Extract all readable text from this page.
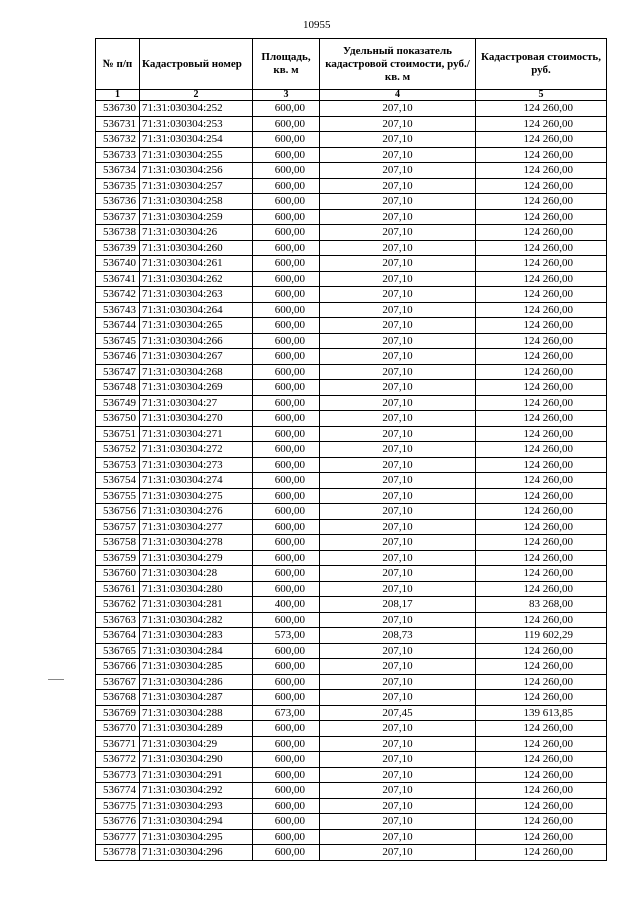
10955
№ п/п	Кадастровый номер	Площадь, кв. м	Удельный показатель кадастровой стоимости, руб./кв. м	Кадастровая стоимость, руб.
1	2	3	4	5
536730	71:31:030304:252	600,00	207,10	124 260,00
536731	71:31:030304:253	600,00	207,10	124 260,00
536732	71:31:030304:254	600,00	207,10	124 260,00
536733	71:31:030304:255	600,00	207,10	124 260,00
536734	71:31:030304:256	600,00	207,10	124 260,00
536735	71:31:030304:257	600,00	207,10	124 260,00
536736	71:31:030304:258	600,00	207,10	124 260,00
536737	71:31:030304:259	600,00	207,10	124 260,00
536738	71:31:030304:26	600,00	207,10	124 260,00
536739	71:31:030304:260	600,00	207,10	124 260,00
536740	71:31:030304:261	600,00	207,10	124 260,00
536741	71:31:030304:262	600,00	207,10	124 260,00
536742	71:31:030304:263	600,00	207,10	124 260,00
536743	71:31:030304:264	600,00	207,10	124 260,00
536744	71:31:030304:265	600,00	207,10	124 260,00
536745	71:31:030304:266	600,00	207,10	124 260,00
536746	71:31:030304:267	600,00	207,10	124 260,00
536747	71:31:030304:268	600,00	207,10	124 260,00
536748	71:31:030304:269	600,00	207,10	124 260,00
536749	71:31:030304:27	600,00	207,10	124 260,00
536750	71:31:030304:270	600,00	207,10	124 260,00
536751	71:31:030304:271	600,00	207,10	124 260,00
536752	71:31:030304:272	600,00	207,10	124 260,00
536753	71:31:030304:273	600,00	207,10	124 260,00
536754	71:31:030304:274	600,00	207,10	124 260,00
536755	71:31:030304:275	600,00	207,10	124 260,00
536756	71:31:030304:276	600,00	207,10	124 260,00
536757	71:31:030304:277	600,00	207,10	124 260,00
536758	71:31:030304:278	600,00	207,10	124 260,00
536759	71:31:030304:279	600,00	207,10	124 260,00
536760	71:31:030304:28	600,00	207,10	124 260,00
536761	71:31:030304:280	600,00	207,10	124 260,00
536762	71:31:030304:281	400,00	208,17	83 268,00
536763	71:31:030304:282	600,00	207,10	124 260,00
536764	71:31:030304:283	573,00	208,73	119 602,29
536765	71:31:030304:284	600,00	207,10	124 260,00
536766	71:31:030304:285	600,00	207,10	124 260,00
536767	71:31:030304:286	600,00	207,10	124 260,00
536768	71:31:030304:287	600,00	207,10	124 260,00
536769	71:31:030304:288	673,00	207,45	139 613,85
536770	71:31:030304:289	600,00	207,10	124 260,00
536771	71:31:030304:29	600,00	207,10	124 260,00
536772	71:31:030304:290	600,00	207,10	124 260,00
536773	71:31:030304:291	600,00	207,10	124 260,00
536774	71:31:030304:292	600,00	207,10	124 260,00
536775	71:31:030304:293	600,00	207,10	124 260,00
536776	71:31:030304:294	600,00	207,10	124 260,00
536777	71:31:030304:295	600,00	207,10	124 260,00
536778	71:31:030304:296	600,00	207,10	124 260,00
